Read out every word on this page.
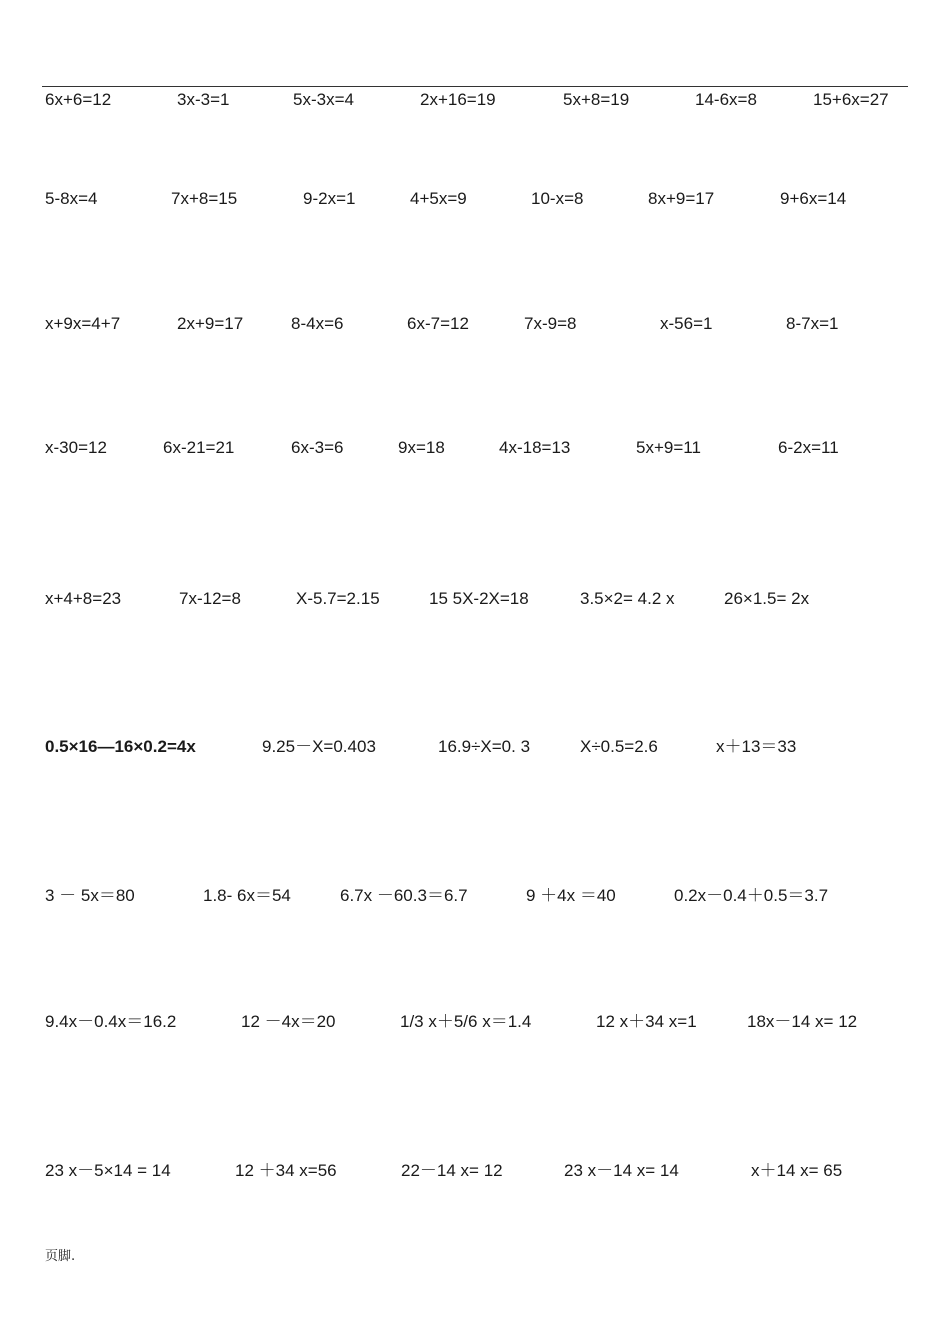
6x+6=12	3x-3=1	5x-3x=4	2x+16=19	5x+8=19	14-6x=8	15+6x=27
5-8x=4	7x+8=15	9-2x=1	4+5x=9	10-x=8	8x+9=17	9+6x=14
x+9x=4+7	2x+9=17	8-4x=6	6x-7=12	7x-9=8	x-56=1	8-7x=1
x-30=12	6x-21=21	6x-3=6	9x=18	4x-18=13	5x+9=11	6-2x=11
x+4+8=23	7x-12=8	X-5.7=2.15	15 5X-2X=18	3.5×2= 4.2 x	26×1.5= 2x
0.5×16—16×0.2=4x	9.25－X=0.403	16.9÷X=0. 3	X÷0.5=2.6	x＋13＝33
3 － 5x＝80	1.8- 6x＝54	6.7x －60.3＝6.7	9 ＋4x ＝40	0.2x－0.4＋0.5＝3.7
9.4x－0.4x＝16.2	12 －4x＝20	1/3 x＋5/6 x＝1.4	12 x＋34 x=1	18x－14 x= 12
23 x－5×14 = 14	12 ＋34 x=56	22－14 x= 12	23 x－14 x= 14	x＋14 x= 65
页脚.
